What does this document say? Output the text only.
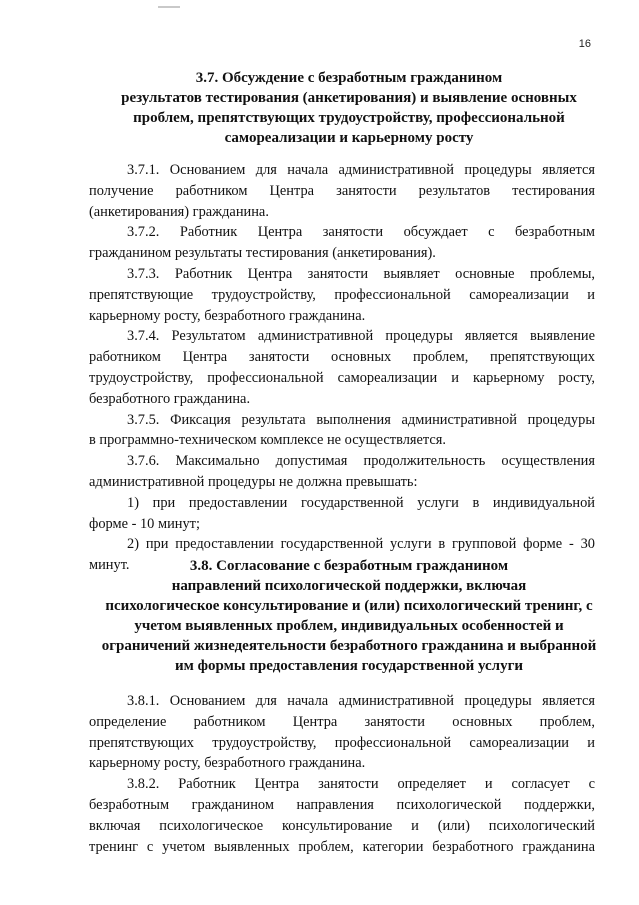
16
3.7. Обсуждение с безработным гражданином
результатов тестирования (анкетирования) и выявление основных
проблем, препятствующих трудоустройству, профессиональной
самореализации и карьерному росту
3.7.1. Основанием для начала административной процедуры является
получение работником Центра занятости результатов тестирования
(анкетирования) гражданина.
3.7.2. Работник Центра занятости обсуждает с безработным
гражданином результаты тестирования (анкетирования).
3.7.3. Работник Центра занятости выявляет основные проблемы,
препятствующие трудоустройству, профессиональной самореализации и
карьерному росту, безработного гражданина.
3.7.4. Результатом административной процедуры является выявление
работником Центра занятости основных проблем, препятствующих
трудоустройству, профессиональной самореализации и карьерному росту,
безработного гражданина.
3.7.5. Фиксация результата выполнения административной процедуры
в программно-техническом комплексе не осуществляется.
3.7.6. Максимально допустимая продолжительность осуществления
административной процедуры не должна превышать:
1) при предоставлении государственной услуги в индивидуальной
форме - 10 минут;
2) при предоставлении государственной услуги в групповой форме - 30
минут.	3.8. Согласование с безработным гражданином
направлений психологической поддержки, включая
психологическое консультирование и (или) психологический тренинг, с
учетом выявленных проблем, индивидуальных особенностей и
ограничений жизнедеятельности безработного гражданина и выбранной
им формы предоставления государственной услуги
3.8.1. Основанием для начала административной процедуры является
определение работником Центра занятости основных проблем,
препятствующих трудоустройству, профессиональной самореализации и
карьерному росту, безработного гражданина.
3.8.2. Работник Центра занятости определяет и согласует с
безработным гражданином направления психологической поддержки,
включая психологическое консультирование и (или) психологический
тренинг с учетом выявленных проблем, категории безработного гражданина
